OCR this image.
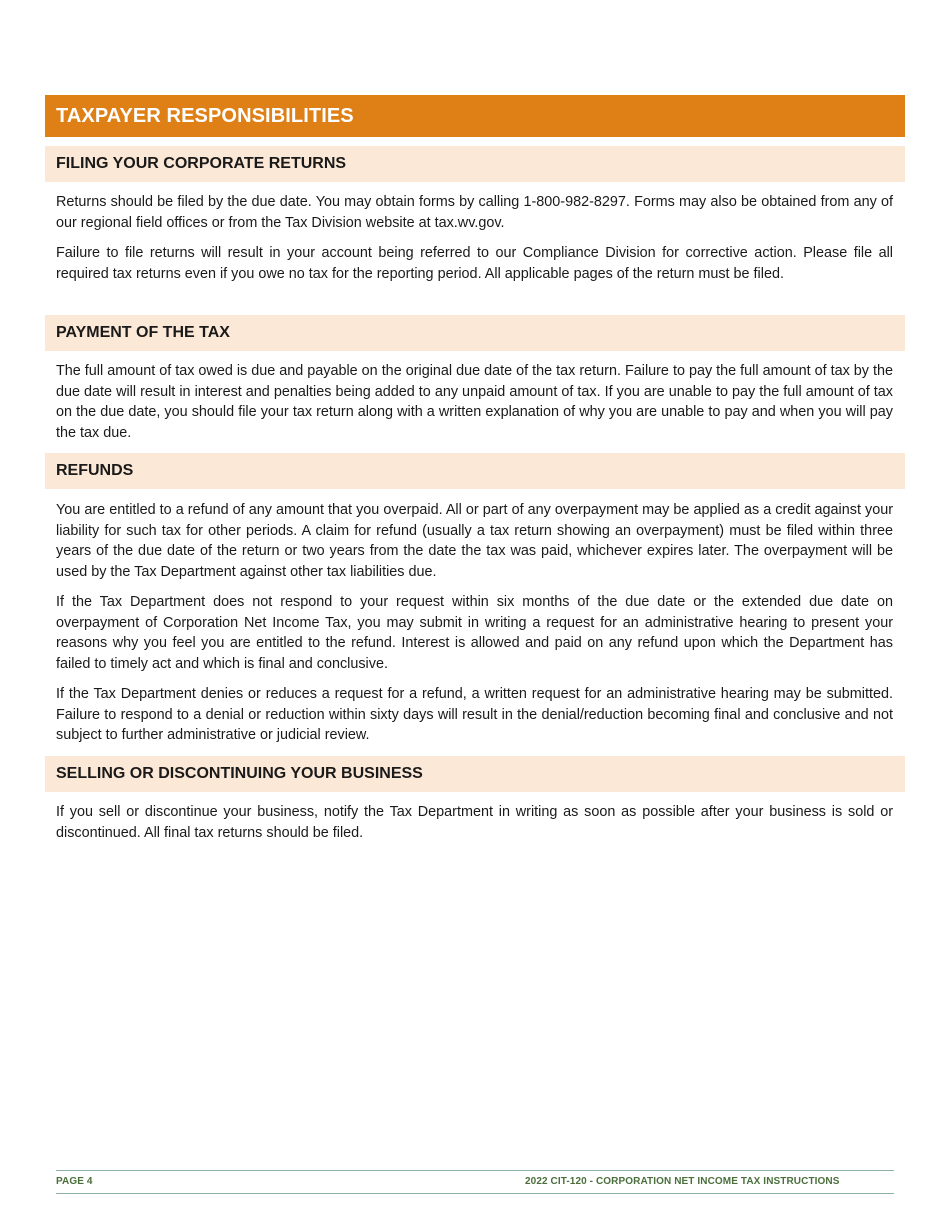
TAXPAYER RESPONSIBILITIES
FILING YOUR CORPORATE RETURNS

Returns should be filed by the due date. You may obtain forms by calling 1-800-982-8297. Forms may also be obtained from any of our regional field offices or from the Tax Division website at tax.wv.gov.

Failure to file returns will result in your account being referred to our Compliance Division for corrective action. Please file all required tax returns even if you owe no tax for the reporting period. All applicable pages of the return must be filed.

PAYMENT OF THE TAX

The full amount of tax owed is due and payable on the original due date of the tax return. Failure to pay the full amount of tax by the due date will result in interest and penalties being added to any unpaid amount of tax. If you are unable to pay the full amount of tax on the due date, you should file your tax return along with a written explanation of why you are unable to pay and when you will pay the tax due.

REFUNDS

You are entitled to a refund of any amount that you overpaid. All or part of any overpayment may be applied as a credit against your liability for such tax for other periods. A claim for refund (usually a tax return showing an overpayment) must be filed within three years of the due date of the return or two years from the date the tax was paid, whichever expires later. The overpayment will be used by the Tax Department against other tax liabilities due.

If the Tax Department does not respond to your request within six months of the due date or the extended due date on overpayment of Corporation Net Income Tax, you may submit in writing a request for an administrative hearing to present your reasons why you feel you are entitled to the refund. Interest is allowed and paid on any refund upon which the Department has failed to timely act and which is final and conclusive.

If the Tax Department denies or reduces a request for a refund, a written request for an administrative hearing may be submitted. Failure to respond to a denial or reduction within sixty days will result in the denial/reduction becoming final and conclusive and not subject to further administrative or judicial review.

SELLING OR DISCONTINUING YOUR BUSINESS

If you sell or discontinue your business, notify the Tax Department in writing as soon as possible after your business is sold or discontinued. All final tax returns should be filed.

PAGE 4	2022 CIT-120 - CORPORATION NET INCOME TAX INSTRUCTIONS
